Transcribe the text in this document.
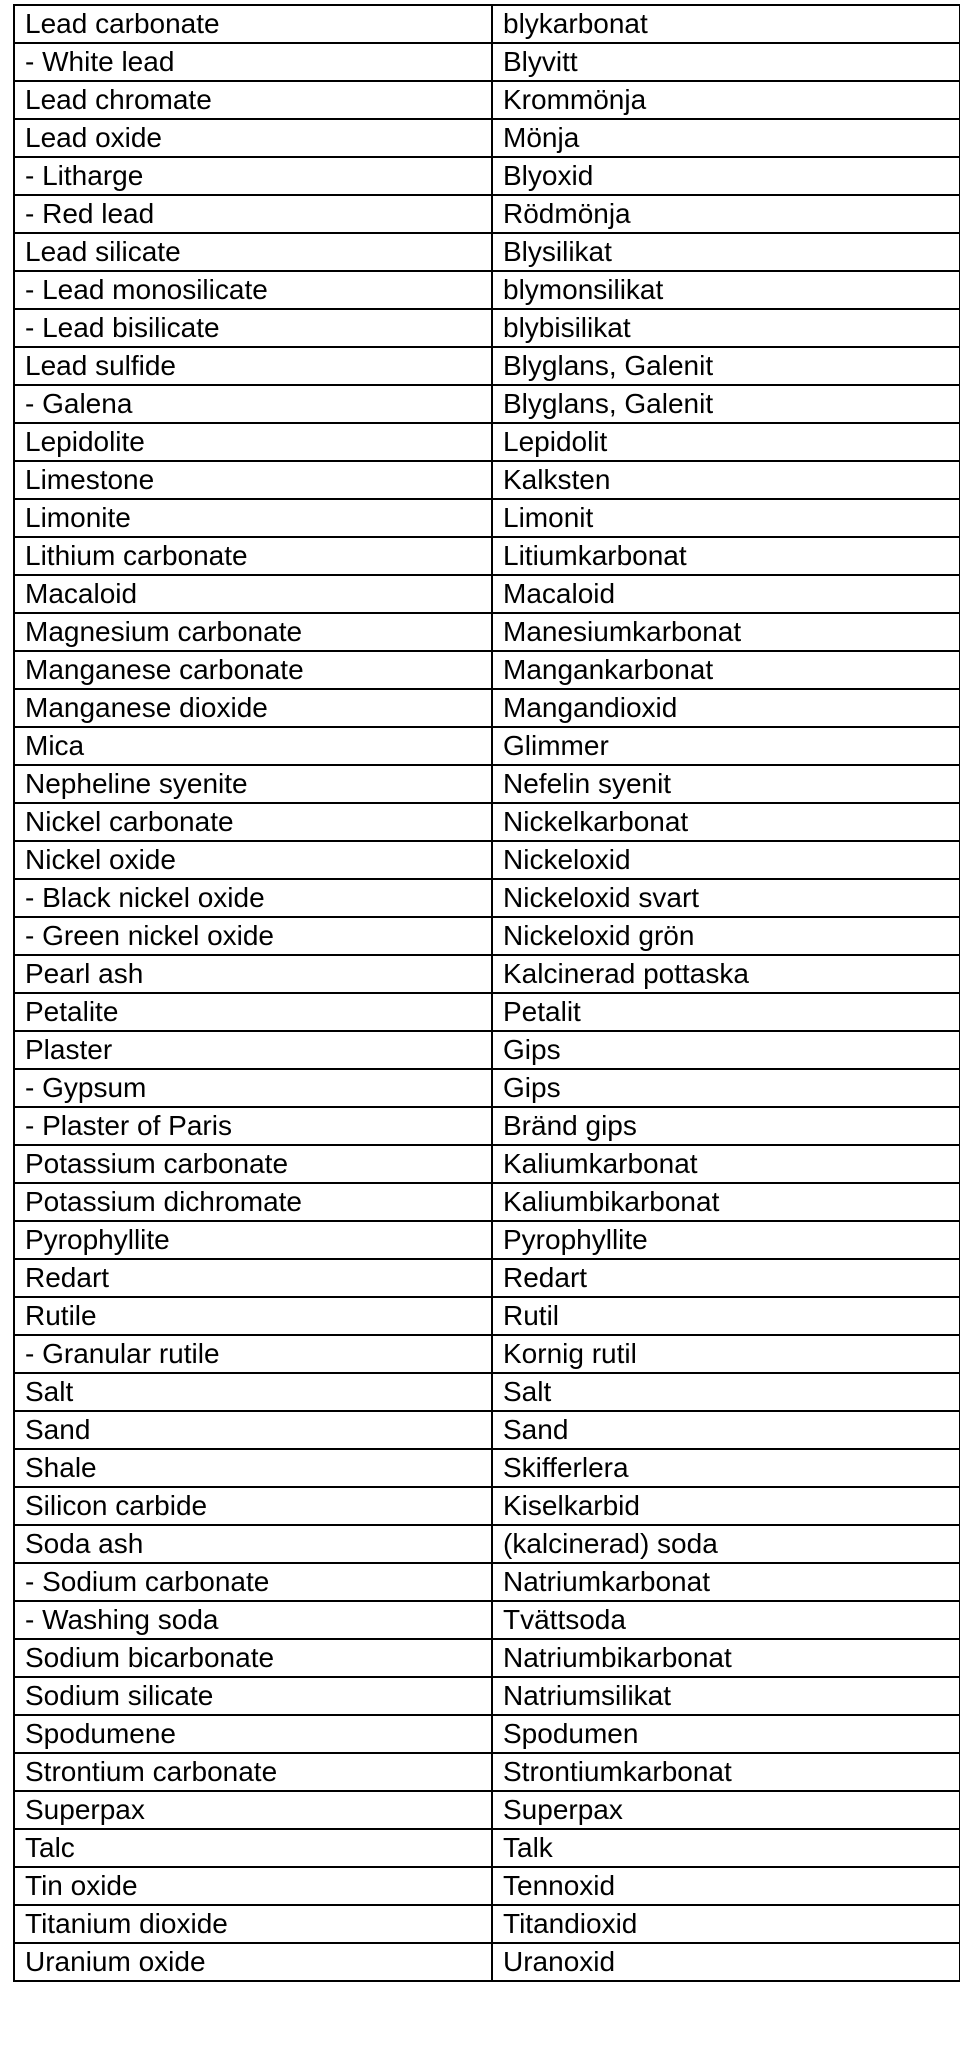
Lead carbonate	blykarbonat
- White lead	Blyvitt
Lead chromate	Krommönja
Lead oxide	Mönja
- Litharge	Blyoxid
- Red lead	Rödmönja
Lead silicate	Blysilikat
- Lead monosilicate	blymonsilikat
- Lead bisilicate	blybisilikat
Lead sulfide	Blyglans, Galenit
- Galena	Blyglans, Galenit
Lepidolite	Lepidolit
Limestone	Kalksten
Limonite	Limonit
Lithium carbonate	Litiumkarbonat
Macaloid	Macaloid
Magnesium carbonate	Manesiumkarbonat
Manganese carbonate	Mangankarbonat
Manganese dioxide	Mangandioxid
Mica	Glimmer
Nepheline syenite	Nefelin syenit
Nickel carbonate	Nickelkarbonat
Nickel oxide	Nickeloxid
- Black nickel oxide	Nickeloxid svart
- Green nickel oxide	Nickeloxid grön
Pearl ash	Kalcinerad pottaska
Petalite	Petalit
Plaster	Gips
- Gypsum	Gips
- Plaster of Paris	Bränd gips
Potassium carbonate	Kaliumkarbonat
Potassium dichromate	Kaliumbikarbonat
Pyrophyllite	Pyrophyllite
Redart	Redart
Rutile	Rutil
- Granular rutile	Kornig rutil
Salt	Salt
Sand	Sand
Shale	Skifferlera
Silicon carbide	Kiselkarbid
Soda ash	(kalcinerad) soda
- Sodium carbonate	Natriumkarbonat
- Washing soda	Tvättsoda
Sodium bicarbonate	Natriumbikarbonat
Sodium silicate	Natriumsilikat
Spodumene	Spodumen
Strontium carbonate	Strontiumkarbonat
Superpax	Superpax
Talc	Talk
Tin oxide	Tennoxid
Titanium dioxide	Titandioxid
Uranium oxide	Uranoxid
